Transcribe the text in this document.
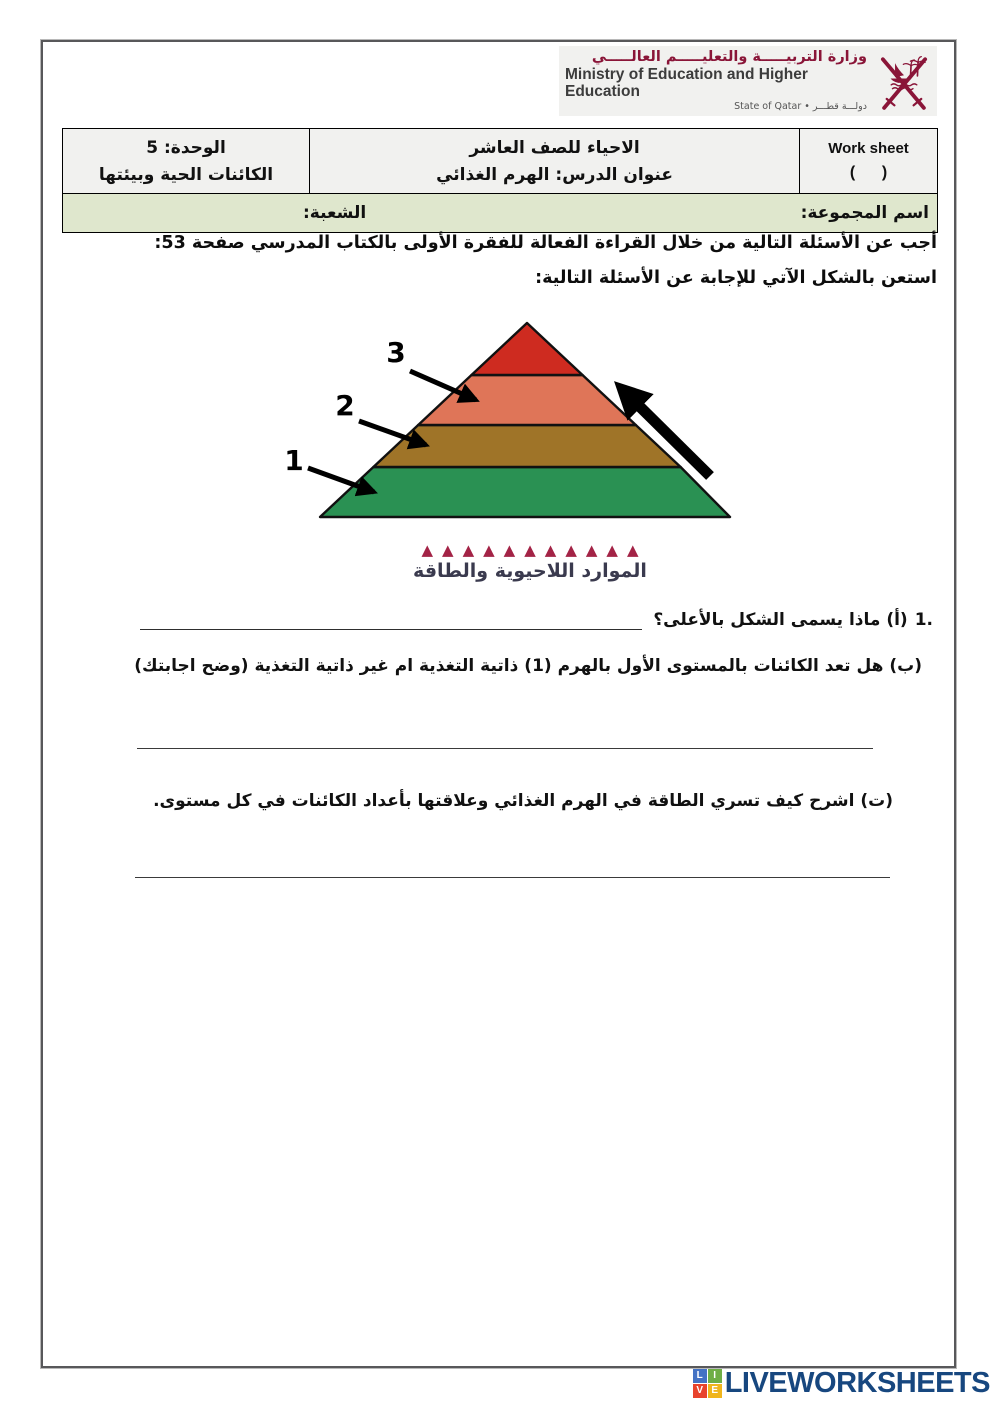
وزارة التربيـــــة والتعليـــــم العالـــــي
Ministry of Education and Higher Education
State of Qatar • دولـــة قطـــر
Work sheet
(      )
الاحياء للصف العاشر
عنوان الدرس: الهرم الغذائي
الوحدة: 5
الكائنات الحية وبيئتها
اسم المجموعة:
الشعبة:
أجب عن الأسئلة التالية من خلال القراءة الفعالة للفقرة الأولى بالكتاب المدرسي صفحة 53:
استعن بالشكل الآتي للإجابة عن الأسئلة التالية:
3
2
1
▲▲▲▲▲▲▲▲▲▲▲
الموارد اللاحيوية والطاقة
1.
(أ) ماذا يسمى الشكل بالأعلى؟
(ب) هل تعد الكائنات بالمستوى الأول بالهرم (1) ذاتية التغذية ام غير ذاتية التغذية (وضح اجابتك)
(ت) اشرح كيف تسري الطاقة في الهرم الغذائي وعلاقتها بأعداد الكائنات في كل مستوى.
L	I
V E LIVEWORKSHEETS
